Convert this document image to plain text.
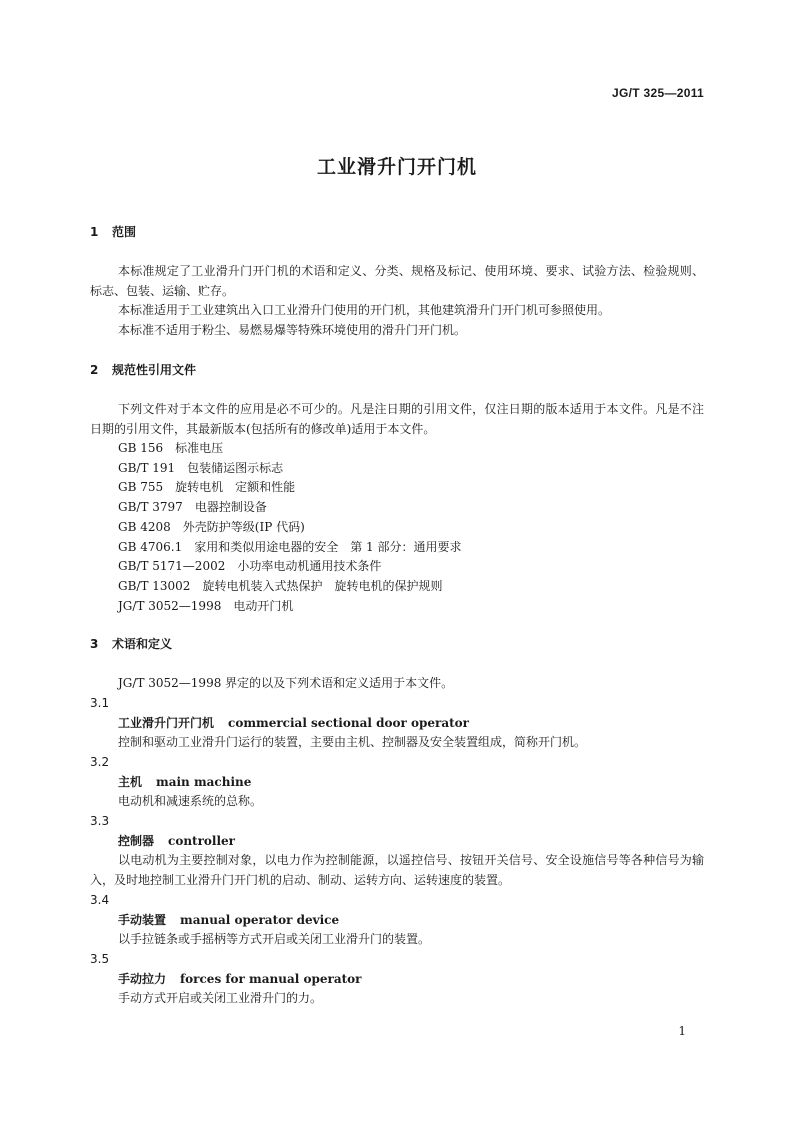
JG/T 325—2011
工业滑升门开门机

1 范围

本标准规定了工业滑升门开门机的术语和定义、分类、规格及标记、使用环境、要求、试验方法、检验规则、标志、包装、运输、贮存。

本标准适用于工业建筑出入口工业滑升门使用的开门机，其他建筑滑升门开门机可参照使用。

本标准不适用于粉尘、易燃易爆等特殊环境使用的滑升门开门机。

2 规范性引用文件

下列文件对于本文件的应用是必不可少的。凡是注日期的引用文件，仅注日期的版本适用于本文件。凡是不注日期的引用文件，其最新版本(包括所有的修改单)适用于本文件。

GB 156 标准电压

GB/T 191 包装储运图示标志

GB 755 旋转电机　定额和性能

GB/T 3797 电器控制设备

GB 4208 外壳防护等级(IP 代码)

GB 4706.1 家用和类似用途电器的安全　第 1 部分：通用要求

GB/T 5171—2002 小功率电动机通用技术条件

GB/T 13002 旋转电机装入式热保护　旋转电机的保护规则

JG/T 3052—1998 电动开门机

3 术语和定义

JG/T 3052—1998 界定的以及下列术语和定义适用于本文件。

3.1

工业滑升门开门机 commercial sectional door operator

控制和驱动工业滑升门运行的装置，主要由主机、控制器及安全装置组成，简称开门机。

3.2

主机 main machine

电动机和减速系统的总称。

3.3

控制器 controller

以电动机为主要控制对象，以电力作为控制能源，以遥控信号、按钮开关信号、安全设施信号等各种信号为输入，及时地控制工业滑升门开门机的启动、制动、运转方向、运转速度的装置。

3.4

手动装置 manual operator device

以手拉链条或手摇柄等方式开启或关闭工业滑升门的装置。

3.5

手动拉力 forces for manual operator

手动方式开启或关闭工业滑升门的力。

1
